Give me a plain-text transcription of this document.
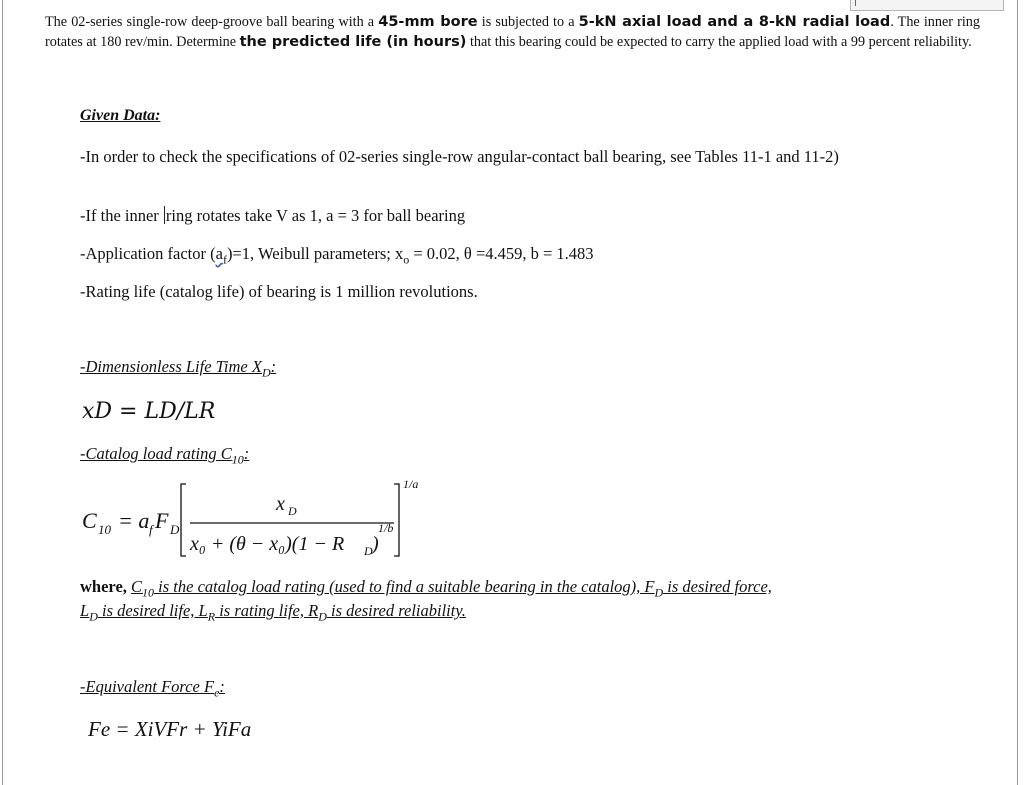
The 02-series single-row deep-groove ball bearing with a 45-mm bore is subjected to a 5-kN axial load and a 8-kN radial load. The inner ring rotates at 180 rev/min. Determine the predicted life (in hours) that this bearing could be expected to carry the applied load with a 99 percent reliability.
Given Data:
-In order to check the specifications of 02-series single-row angular-contact ball bearing, see Tables 11-1 and 11-2)
-If the inner ring rotates take V as 1, a = 3 for ball bearing
-Application factor $(a_f)=1$, Weibull parameters; $x_o = 0.02$, θ =4.459, b = 1.483
-Rating life (catalog life) of bearing is 1 million revolutions.
-Dimensionless Life Time $X_D$:
xD = LD/LR
-Catalog load rating $C_{10}$:
C 10 = a f F D
x D
x₀ + (θ − x₀)(1 − R D )
1/b
1/a
where, $C_{10}$ is the catalog load rating (used to find a suitable bearing in the catalog), $F_D$ is desired force,
$L_D$ is desired life, $L_R$ is rating life, $R_D$ is desired reliability.
-Equivalent Force $F_e$:
Fe = XiVFr + YiFa
